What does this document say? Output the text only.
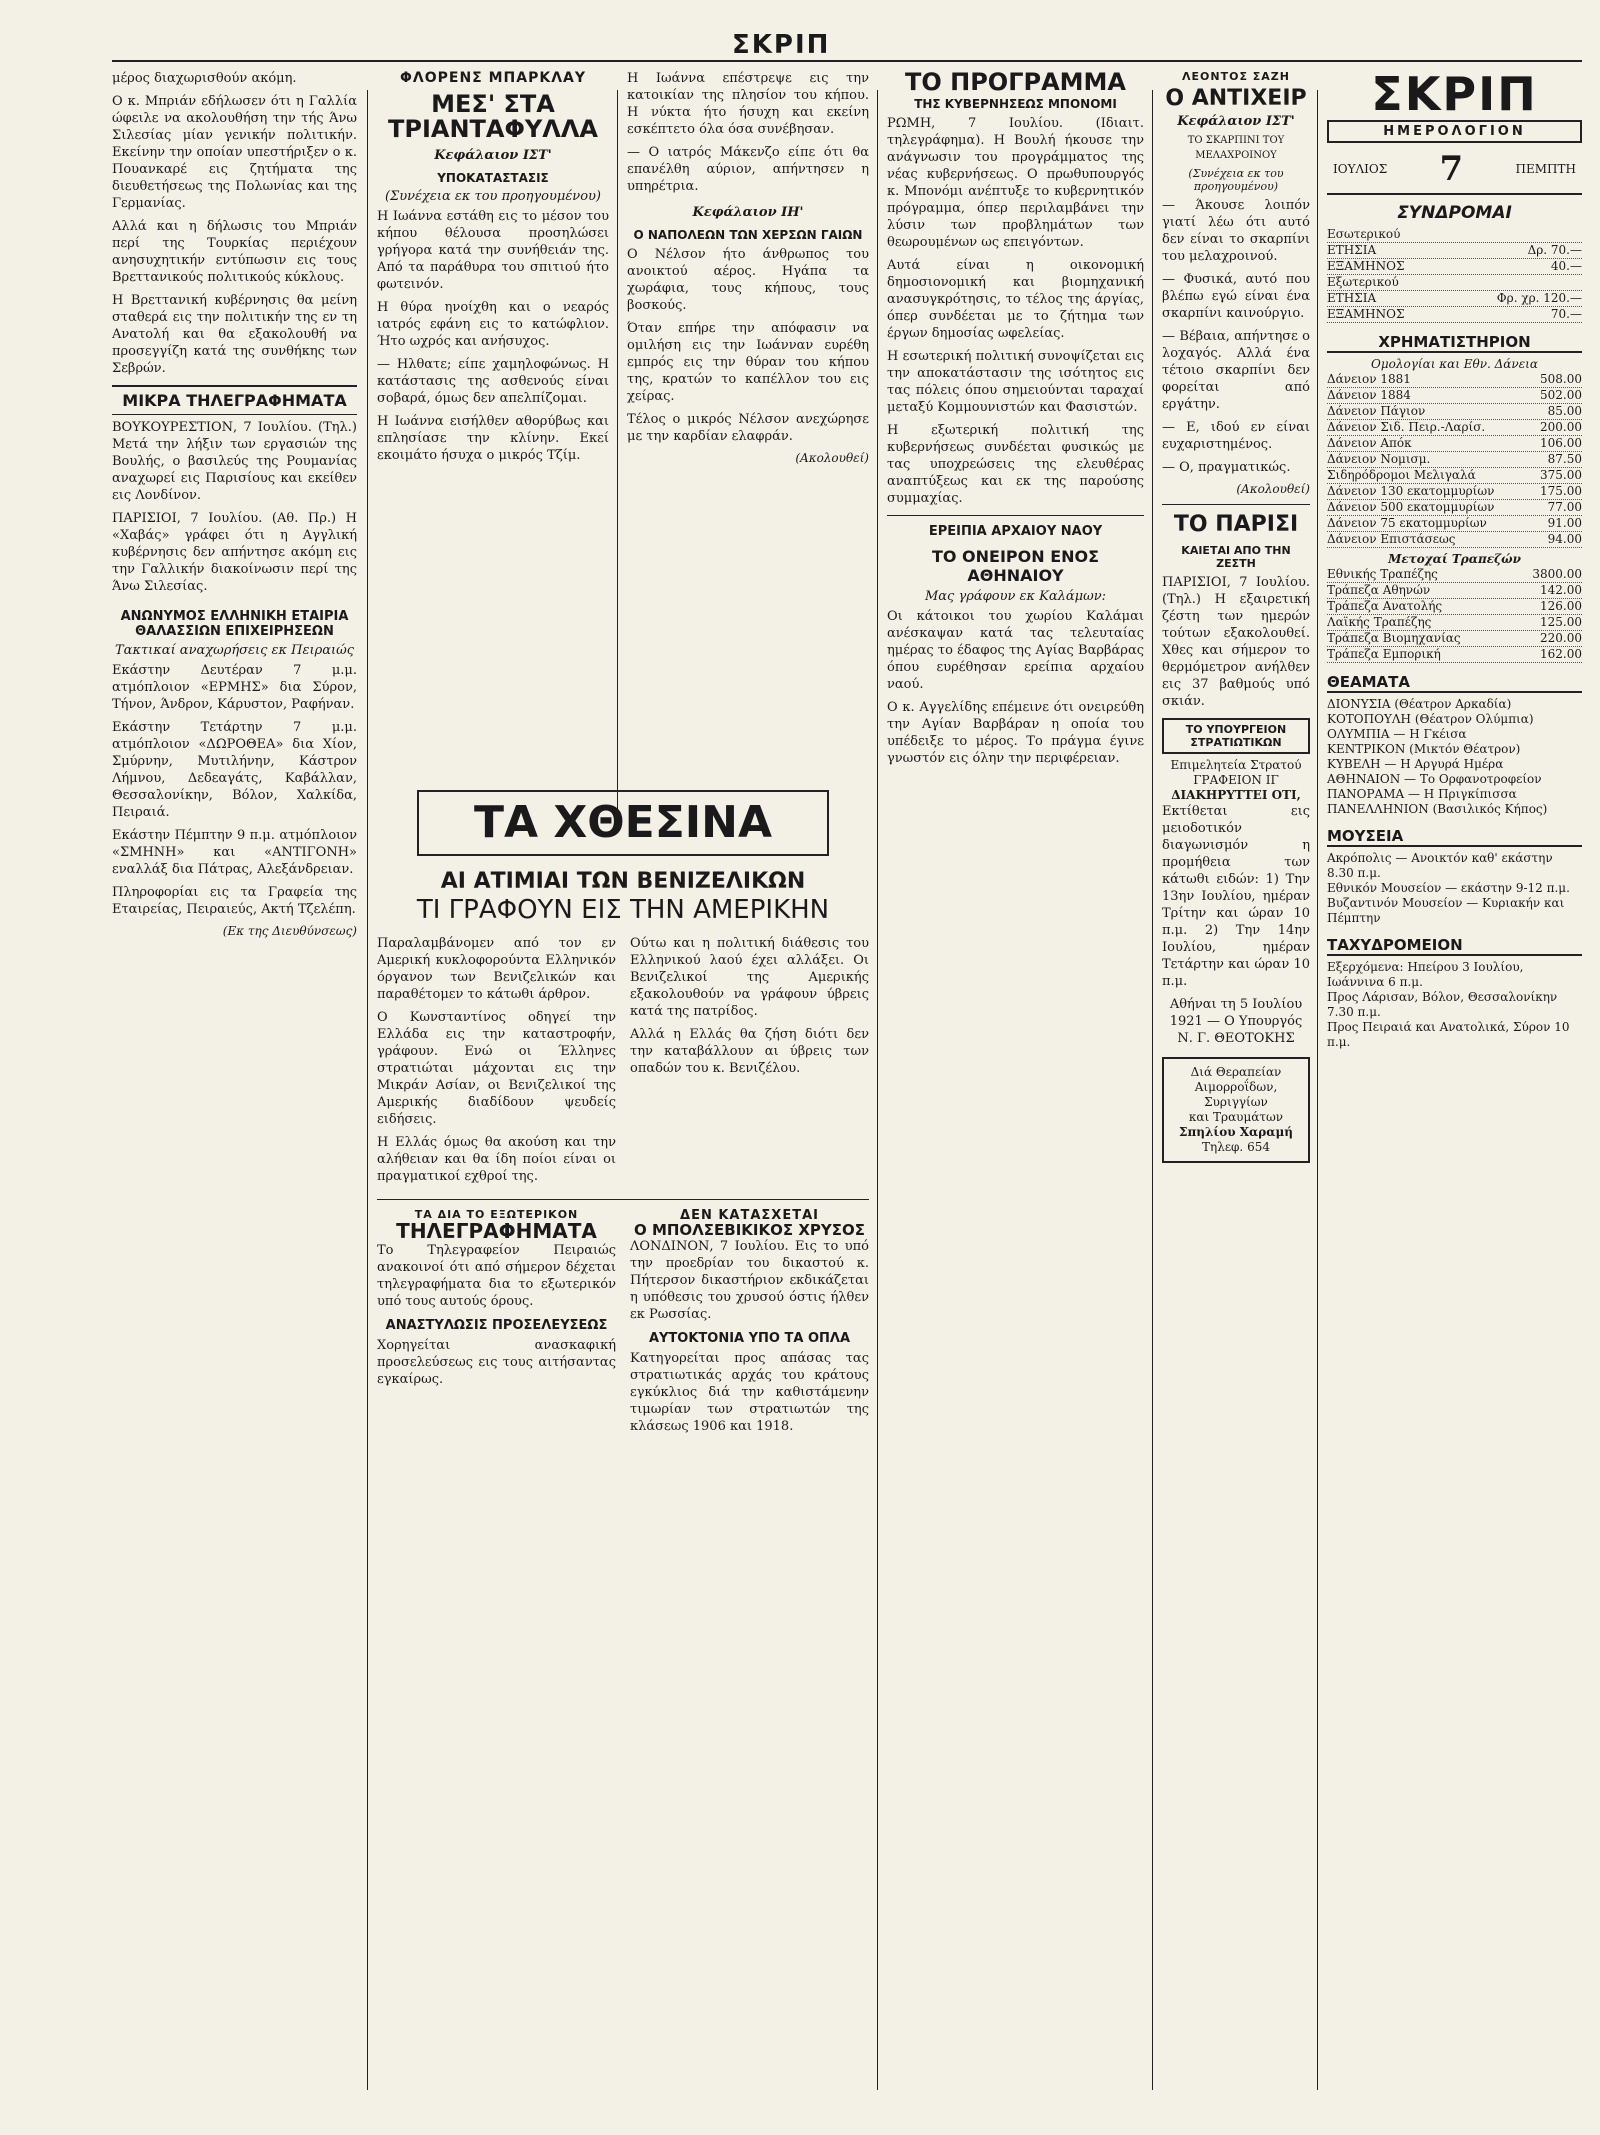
ΣΚΡΙΠ

μέρος διαχωρισθούν ακόμη.

Ο κ. Μπριάν εδήλωσεν ότι η Γαλλία ώφειλε να ακολουθήση την τής Άνω Σιλεσίας μίαν γενικήν πολιτικήν. Εκείνην την οποίαν υπεστήριξεν ο κ. Πουανκαρέ εις ζητήματα της διευθετήσεως της Πολωνίας και της Γερμανίας.

Αλλά και η δήλωσις του Μπριάν περί της Τουρκίας περιέχουν ανησυχητικήν εντύπωσιν εις τους Βρεττανικούς πολιτικούς κύκλους.

Η Βρεττανική κυβέρνησις θα μείνη σταθερά εις την πολιτικήν της εν τη Ανατολή και θα εξακολουθή να προσεγγίζη κατά της συνθήκης των Σεβρών.

ΜΙΚΡΑ ΤΗΛΕΓΡΑΦΗΜΑΤΑ

ΒΟΥΚΟΥΡΕΣΤΙΟΝ, 7 Ιουλίου. (Τηλ.) Μετά την λήξιν των εργασιών της Βουλής, ο βασιλεύς της Ρουμανίας αναχωρεί εις Παρισίους και εκείθεν εις Λονδίνον.

ΠΑΡΙΣΙΟΙ, 7 Ιουλίου. (Αθ. Πρ.) Η «Χαβάς» γράφει ότι η Αγγλική κυβέρνησις δεν απήντησε ακόμη εις την Γαλλικήν διακοίνωσιν περί της Άνω Σιλεσίας.

ΑΝΩΝΥΜΟΣ ΕΛΛΗΝΙΚΗ ΕΤΑΙΡΙΑ ΘΑΛΑΣΣΙΩΝ ΕΠΙΧΕΙΡΗΣΕΩΝ
Τακτικαί αναχωρήσεις εκ Πειραιώς

Εκάστην Δευτέραν 7 μ.μ. ατμόπλοιον «ΕΡΜΗΣ» δια Σύρον, Τήνον, Άνδρον, Κάρυστον, Ραφήναν.

Εκάστην Τετάρτην 7 μ.μ. ατμόπλοιον «ΔΩΡΟΘΕΑ» δια Χίον, Σμύρνην, Μυτιλήνην, Κάστρον Λήμνου, Δεδεαγάτς, Καβάλλαν, Θεσσαλονίκην, Βόλον, Χαλκίδα, Πειραιά.

Εκάστην Πέμπτην 9 π.μ. ατμόπλοιον «ΣΜΗΝΗ» και «ΑΝΤΙΓΟΝΗ» εναλλάξ δια Πάτρας, Αλεξάνδρειαν.

Πληροφορίαι εις τα Γραφεία της Εταιρείας, Πειραιεύς, Ακτή Τζελέπη.

(Εκ της Διευθύνσεως)
ΦΛΟΡΕΝΣ ΜΠΑΡΚΛΑΥ
ΜΕΣ' ΣΤΑ ΤΡΙΑΝΤΑΦΥΛΛΑ
Κεφάλαιον ΙΣΤ'
ΥΠΟΚΑΤΑΣΤΑΣΙΣ
(Συνέχεια εκ του προηγουμένου)

Η Ιωάννα εστάθη εις το μέσον του κήπου θέλουσα προσηλώσει γρήγορα κατά την συνήθειάν της. Από τα παράθυρα του σπιτιού ήτο φωτεινόν.

Η θύρα ηνοίχθη και ο νεαρός ιατρός εφάνη εις το κατώφλιον. Ήτο ωχρός και ανήσυχος.

— Ηλθατε; είπε χαμηλοφώνως. Η κατάστασις της ασθενούς είναι σοβαρά, όμως δεν απελπίζομαι.

Η Ιωάννα εισήλθεν αθορύβως και επλησίασε την κλίνην. Εκεί εκοιμάτο ήσυχα ο μικρός Τζίμ.

Η Ιωάννα επέστρεψε εις την κατοικίαν της πλησίον του κήπου. Η νύκτα ήτο ήσυχη και εκείνη εσκέπτετο όλα όσα συνέβησαν.

— Ο ιατρός Μάκενζο είπε ότι θα επανέλθη αύριον, απήντησεν η υπηρέτρια.

Κεφάλαιον ΙΗ'
Ο ΝΑΠΟΛΕΩΝ ΤΩΝ ΧΕΡΣΩΝ ΓΑΙΩΝ

Ο Νέλσον ήτο άνθρωπος του ανοικτού αέρος. Ηγάπα τα χωράφια, τους κήπους, τους βοσκούς.

Όταν επήρε την απόφασιν να ομιλήση εις την Ιωάνναν ευρέθη εμπρός εις την θύραν του κήπου της, κρατών το καπέλλον του εις χείρας.

Τέλος ο μικρός Νέλσον ανεχώρησε με την καρδίαν ελαφράν.

(Ακολουθεί)
ΤΑ ΧΘΕΣΙΝΑ
ΑΙ ΑΤΙΜΙΑΙ ΤΩΝ ΒΕΝΙΖΕΛΙΚΩΝ
ΤΙ ΓΡΑΦΟΥΝ ΕΙΣ ΤΗΝ ΑΜΕΡΙΚΗΝ

Παραλαμβάνομεν από τον εν Αμερική κυκλοφορούντα Ελληνικόν όργανον των Βενιζελικών και παραθέτομεν το κάτωθι άρθρον.

Ο Κωνσταντίνος οδηγεί την Ελλάδα εις την καταστροφήν, γράφουν. Ενώ οι Έλληνες στρατιώται μάχονται εις την Μικράν Ασίαν, οι Βενιζελικοί της Αμερικής διαδίδουν ψευδείς ειδήσεις.

Η Ελλάς όμως θα ακούση και την αλήθειαν και θα ίδη ποίοι είναι οι πραγματικοί εχθροί της.

Ούτω και η πολιτική διάθεσις του Ελληνικού λαού έχει αλλάξει. Οι Βενιζελικοί της Αμερικής εξακολουθούν να γράφουν ύβρεις κατά της πατρίδος.

Αλλά η Ελλάς θα ζήση διότι δεν την καταβάλλουν αι ύβρεις των οπαδών του κ. Βενιζέλου.

ΤΑ ΔΙΑ ΤΟ ΕΞΩΤΕΡΙΚΟΝ
ΤΗΛΕΓΡΑΦΗΜΑΤΑ

Το Τηλεγραφείον Πειραιώς ανακοινοί ότι από σήμερον δέχεται τηλεγραφήματα δια το εξωτερικόν υπό τους αυτούς όρους.

ΑΝΑΣΤΥΛΩΣΙΣ ΠΡΟΣΕΛΕΥΣΕΩΣ

Χορηγείται ανασκαφική προσελεύσεως εις τους αιτήσαντας εγκαίρως.

ΔΕΝ ΚΑΤΑΣΧΕΤΑΙ
Ο ΜΠΟΛΣΕΒΙΚΙΚΟΣ ΧΡΥΣΟΣ

ΛΟΝΔΙΝΟΝ, 7 Ιουλίου. Εις το υπό την προεδρίαν του δικαστού κ. Πήτερσον δικαστήριον εκδικάζεται η υπόθεσις του χρυσού όστις ήλθεν εκ Ρωσσίας.

ΑΥΤΟΚΤΟΝΙΑ ΥΠΟ ΤΑ ΟΠΛΑ

Κατηγορείται προς απάσας τας στρατιωτικάς αρχάς του κράτους εγκύκλιος διά την καθιστάμενην τιμωρίαν των στρατιωτών της κλάσεως 1906 και 1918.

ΤΟ ΠΡΟΓΡΑΜΜΑ
ΤΗΣ ΚΥΒΕΡΝΗΣΕΩΣ ΜΠΟΝΟΜΙ

ΡΩΜΗ, 7 Ιουλίου. (Ιδιαιτ. τηλεγράφημα). Η Βουλή ήκουσε την ανάγνωσιν του προγράμματος της νέας κυβερνήσεως. Ο πρωθυπουργός κ. Μπονόμι ανέπτυξε το κυβερνητικόν πρόγραμμα, όπερ περιλαμβάνει την λύσιν των προβλημάτων των θεωρουμένων ως επειγόντων.

Αυτά είναι η οικονομική δημοσιονομική και βιομηχανική ανασυγκρότησις, το τέλος της άργίας, όπερ συνδέεται με το ζήτημα των έργων δημοσίας ωφελείας.

Η εσωτερική πολιτική συνοψίζεται εις την αποκατάστασιν της ισότητος εις τας πόλεις όπου σημειούνται ταραχαί μεταξύ Κομμουνιστών και Φασιστών.

Η εξωτερική πολιτική της κυβερνήσεως συνδέεται φυσικώς με τας υποχρεώσεις της ελευθέρας αναπτύξεως και εκ της παρούσης συμμαχίας.

ΕΡΕΙΠΙΑ ΑΡΧΑΙΟΥ ΝΑΟΥ
ΤΟ ΟΝΕΙΡΟΝ ΕΝΟΣ ΑΘΗΝΑΙΟΥ
Μας γράφουν εκ Καλάμων:

Οι κάτοικοι του χωρίου Καλάμαι ανέσκαψαν κατά τας τελευταίας ημέρας το έδαφος της Αγίας Βαρβάρας όπου ευρέθησαν ερείπια αρχαίου ναού.

Ο κ. Αγγελίδης επέμεινε ότι ονειρεύθη την Αγίαν Βαρβάραν η οποία του υπέδειξε το μέρος. Το πράγμα έγινε γνωστόν εις όλην την περιφέρειαν.

ΛΕΟΝΤΟΣ ΣΑΖΗ
Ο ΑΝΤΙΧΕΙΡ
Κεφάλαιον ΙΣΤ'
ΤΟ ΣΚΑΡΠΙΝΙ ΤΟΥ ΜΕΛΑΧΡΟΙΝΟΥ
(Συνέχεια εκ του προηγουμένου)

— Άκουσε λοιπόν γιατί λέω ότι αυτό δεν είναι το σκαρπίνι του μελαχροινού.

— Φυσικά, αυτό που βλέπω εγώ είναι ένα σκαρπίνι καινούργιο.

— Βέβαια, απήντησε ο λοχαγός. Αλλά ένα τέτοιο σκαρπίνι δεν φορείται από εργάτην.

— Ε, ιδού εν είναι ευχαριστημένος.

— Ο, πραγματικώς.

(Ακολουθεί)
ΤΟ ΠΑΡΙΣΙ
ΚΑΙΕΤΑΙ ΑΠΟ ΤΗΝ ΖΕΣΤΗ

ΠΑΡΙΣΙΟΙ, 7 Ιουλίου. (Τηλ.) Η εξαιρετική ζέστη των ημερών τούτων εξακολουθεί. Χθες και σήμερον το θερμόμετρον ανήλθεν εις 37 βαθμούς υπό σκιάν.

ΤΟ ΥΠΟΥΡΓΕΙΟΝ ΣΤΡΑΤΙΩΤΙΚΩΝ
Επιμελητεία Στρατού ΓΡΑΦΕΙΟΝ ΙΓ
ΔΙΑΚΗΡΥΤΤΕΙ ΟΤΙ,

Εκτίθεται εις μειοδοτικόν διαγωνισμόν η προμήθεια των κάτωθι ειδών: 1) Την 13ην Ιουλίου, ημέραν Τρίτην και ώραν 10 π.μ. 2) Την 14ην Ιουλίου, ημέραν Τετάρτην και ώραν 10 π.μ.

Αθήναι τη 5 Ιουλίου 1921 — Ο Υπουργός Ν. Γ. ΘΕΟΤΟΚΗΣ

Διά Θεραπείαν
Αιμορροΐδων, Συριγγίων
και Τραυμάτων
Σπηλίου Χαραμή
Τηλεφ. 654
ΣΚΡΙΠ
ΗΜΕΡΟΛΟΓΙΟΝ
ΙΟΥΛΙΟΣ 7	ΠΕΜΠΤΗ
ΣΥΝΔΡΟΜΑΙ
Εσωτερικού
ΕΤΗΣΙΑ	Δρ. 70.—
ΕΞΑΜΗΝΟΣ	40.—
Εξωτερικού
ΕΤΗΣΙΑ	Φρ. χρ. 120.—
ΕΞΑΜΗΝΟΣ	70.—
ΧΡΗΜΑΤΙΣΤΗΡΙΟΝ
Ομολογίαι και Εθν. Δάνεια
Δάνειον 1881	508.00
Δάνειον 1884	502.00
Δάνειον Πάγιον	85.00
Δάνειον Σιδ. Πειρ.-Λαρίσ.	200.00
Δάνειον Απόκ	106.00
Δάνειον Νομισμ.	87.50
Σιδηρόδρομοι Μελιγαλά	375.00
Δάνειον 130 εκατομμυρίων	175.00
Δάνειον 500 εκατομμυρίων	77.00
Δάνειον 75 εκατομμυρίων	91.00
Δάνειον Επιστάσεως	94.00
Μετοχαί Τραπεζών
Εθνικής Τραπέζης	3800.00
Τράπεζα Αθηνών	142.00
Τράπεζα Ανατολής	126.00
Λαϊκής Τραπέζης	125.00
Τράπεζα Βιομηχανίας	220.00
Τράπεζα Εμπορική	162.00
ΘΕΑΜΑΤΑ
ΔΙΟΝΥΣΙΑ (Θέατρον Αρκαδία)
ΚΟΤΟΠΟΥΛΗ (Θέατρον Ολύμπια)
ΟΛΥΜΠΙΑ — Η Γκέισα
ΚΕΝΤΡΙΚΟΝ (Μικτόν Θέατρον)
ΚΥΒΕΛΗ — Η Αργυρά Ημέρα
ΑΘΗΝΑΙΟΝ — Το Ορφανοτροφείον
ΠΑΝΟΡΑΜΑ — Η Πριγκίπισσα
ΠΑΝΕΛΛΗΝΙΟΝ (Βασιλικός Κήπος)
ΜΟΥΣΕΙΑ
Ακρόπολις — Ανοικτόν καθ' εκάστην 8.30 π.μ.
Εθνικόν Μουσείον — εκάστην 9-12 π.μ.
Βυζαντινόν Μουσείον — Κυριακήν και Πέμπτην
ΤΑΧΥΔΡΟΜΕΙΟΝ
Εξερχόμενα: Ηπείρου 3 Ιουλίου, Ιωάννινα 6 π.μ.
Προς Λάρισαν, Βόλον, Θεσσαλονίκην 7.30 π.μ.
Προς Πειραιά και Ανατολικά, Σύρον 10 π.μ.
